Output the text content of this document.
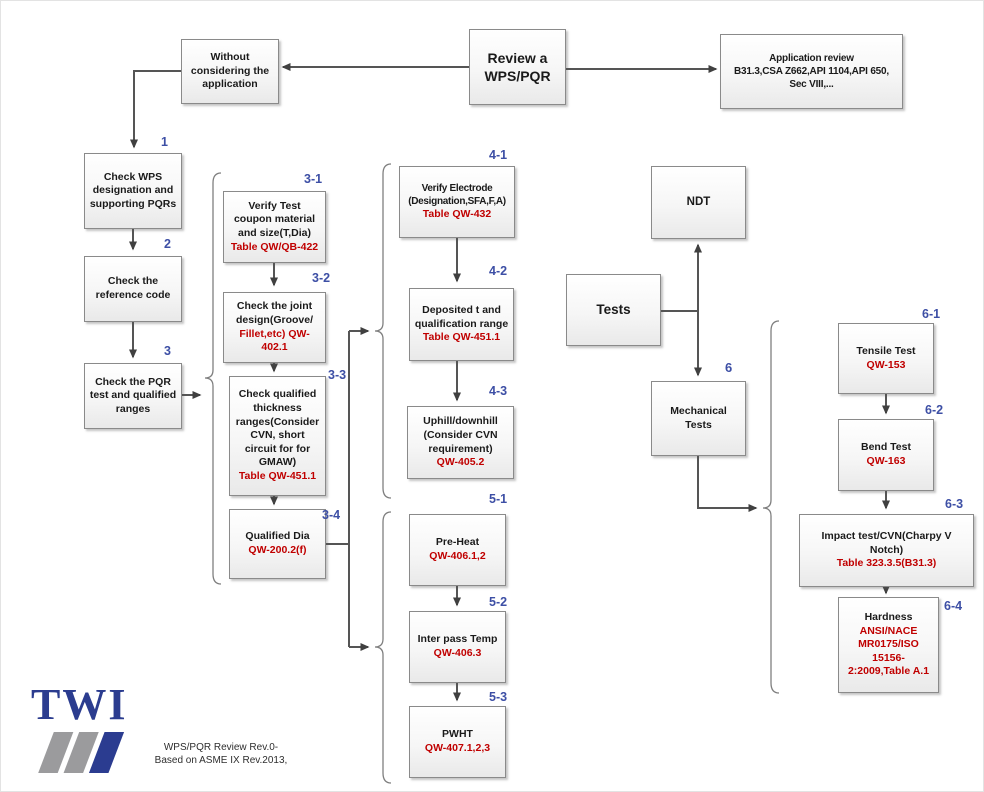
Review a WPS/PQR
Without considering the application
Application review
B31.3,CSA Z662,API 1104,API 650, Sec VIII,...
Check WPS designation and supporting PQRs
Check the reference code
Check the PQR test and qualified ranges
Verify Test coupon material and size(T,Dia)
Table QW/QB-422
Check the joint design(Groove/
Fillet,etc) QW-402.1
Check qualified thickness ranges(Consider CVN, short circuit for for GMAW)
Table QW-451.1
Qualified Dia
QW-200.2(f)
Verify Electrode (Designation,SFA,F,A)
Table QW-432
Deposited t and qualification range
Table QW-451.1
Uphill/downhill (Consider CVN requirement)
QW-405.2
Pre-Heat
QW-406.1,2
Inter pass Temp
QW-406.3
PWHT
QW-407.1,2,3
NDT
Tests
Mechanical Tests
Tensile Test
QW-153
Bend Test
QW-163
Impact test/CVN(Charpy V Notch)
Table 323.3.5(B31.3)
Hardness
ANSI/NACE MR0175/ISO 15156-2:2009,Table A.1
1
2
3
3-1
3-2
3-3
3-4
4-1
4-2
4-3
5-1
5-2
5-3
6
6-1
6-2
6-3
6-4
TWI
WPS/PQR Review Rev.0-
Based on ASME IX Rev.2013,
